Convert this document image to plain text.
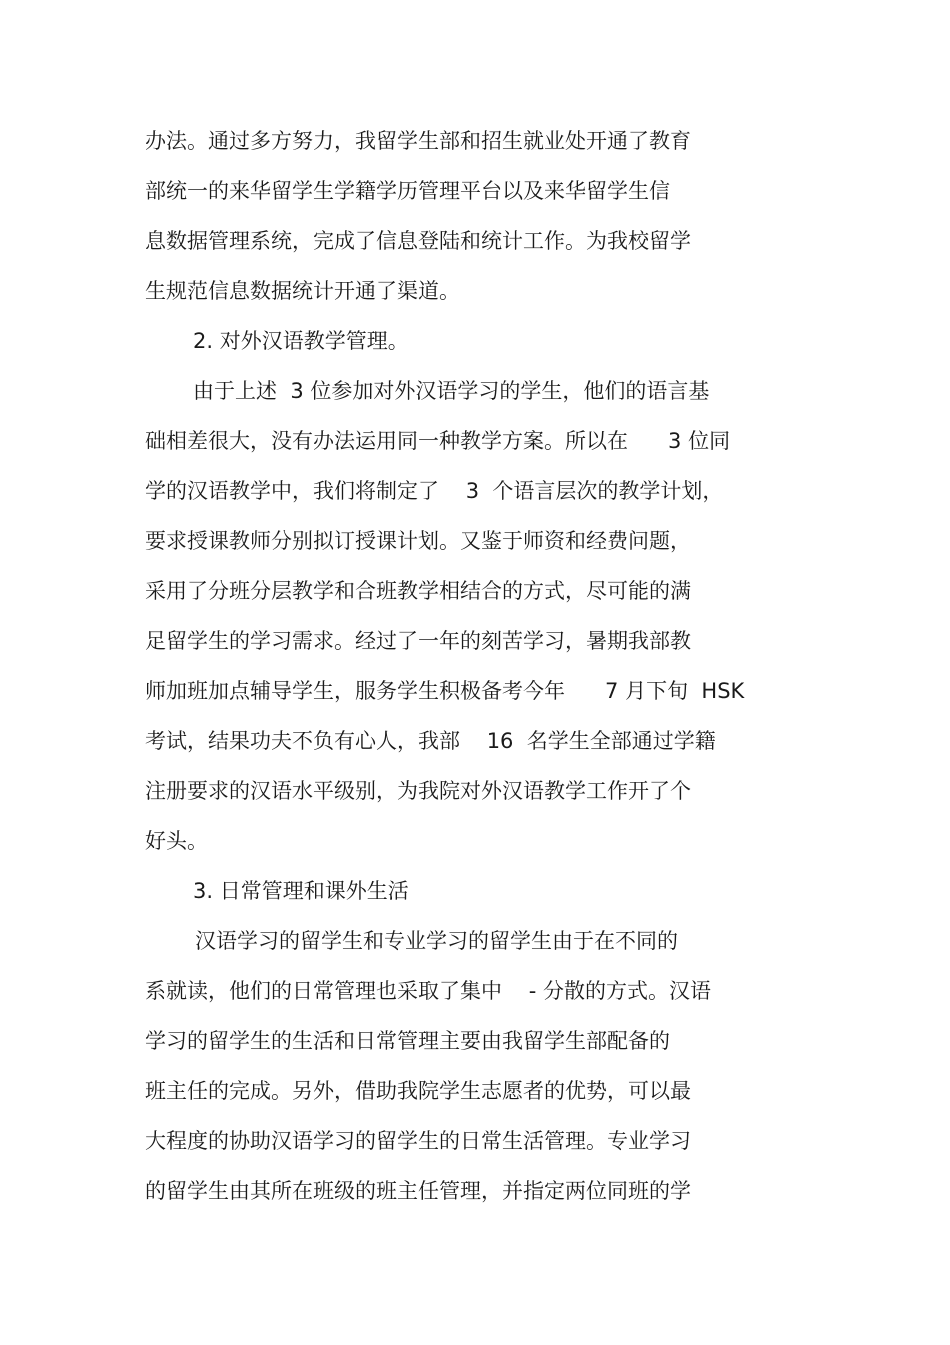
办法。通过多方努力，我留学生部和招生就业处开通了教育
部统一的来华留学生学籍学历管理平台以及来华留学生信
息数据管理系统，完成了信息登陆和统计工作。为我校留学
生规范信息数据统计开通了渠道。
2. 对外汉语教学管理。
由于上述  3 位参加对外汉语学习的学生，他们的语言基
础相差很大，没有办法运用同一种教学方案。所以在      3 位同
学的汉语教学中，我们将制定了    3  个语言层次的教学计划，
要求授课教师分别拟订授课计划。又鉴于师资和经费问题，
采用了分班分层教学和合班教学相结合的方式，尽可能的满
足留学生的学习需求。经过了一年的刻苦学习，暑期我部教
师加班加点辅导学生，服务学生积极备考今年      7 月下旬  HSK
考试，结果功夫不负有心人，我部    16  名学生全部通过学籍
注册要求的汉语水平级别，为我院对外汉语教学工作开了个
好头。
3. 日常管理和课外生活
汉语学习的留学生和专业学习的留学生由于在不同的
系就读，他们的日常管理也采取了集中    - 分散的方式。汉语
学习的留学生的生活和日常管理主要由我留学生部配备的
班主任的完成。另外，借助我院学生志愿者的优势，可以最
大程度的协助汉语学习的留学生的日常生活管理。专业学习
的留学生由其所在班级的班主任管理，并指定两位同班的学
